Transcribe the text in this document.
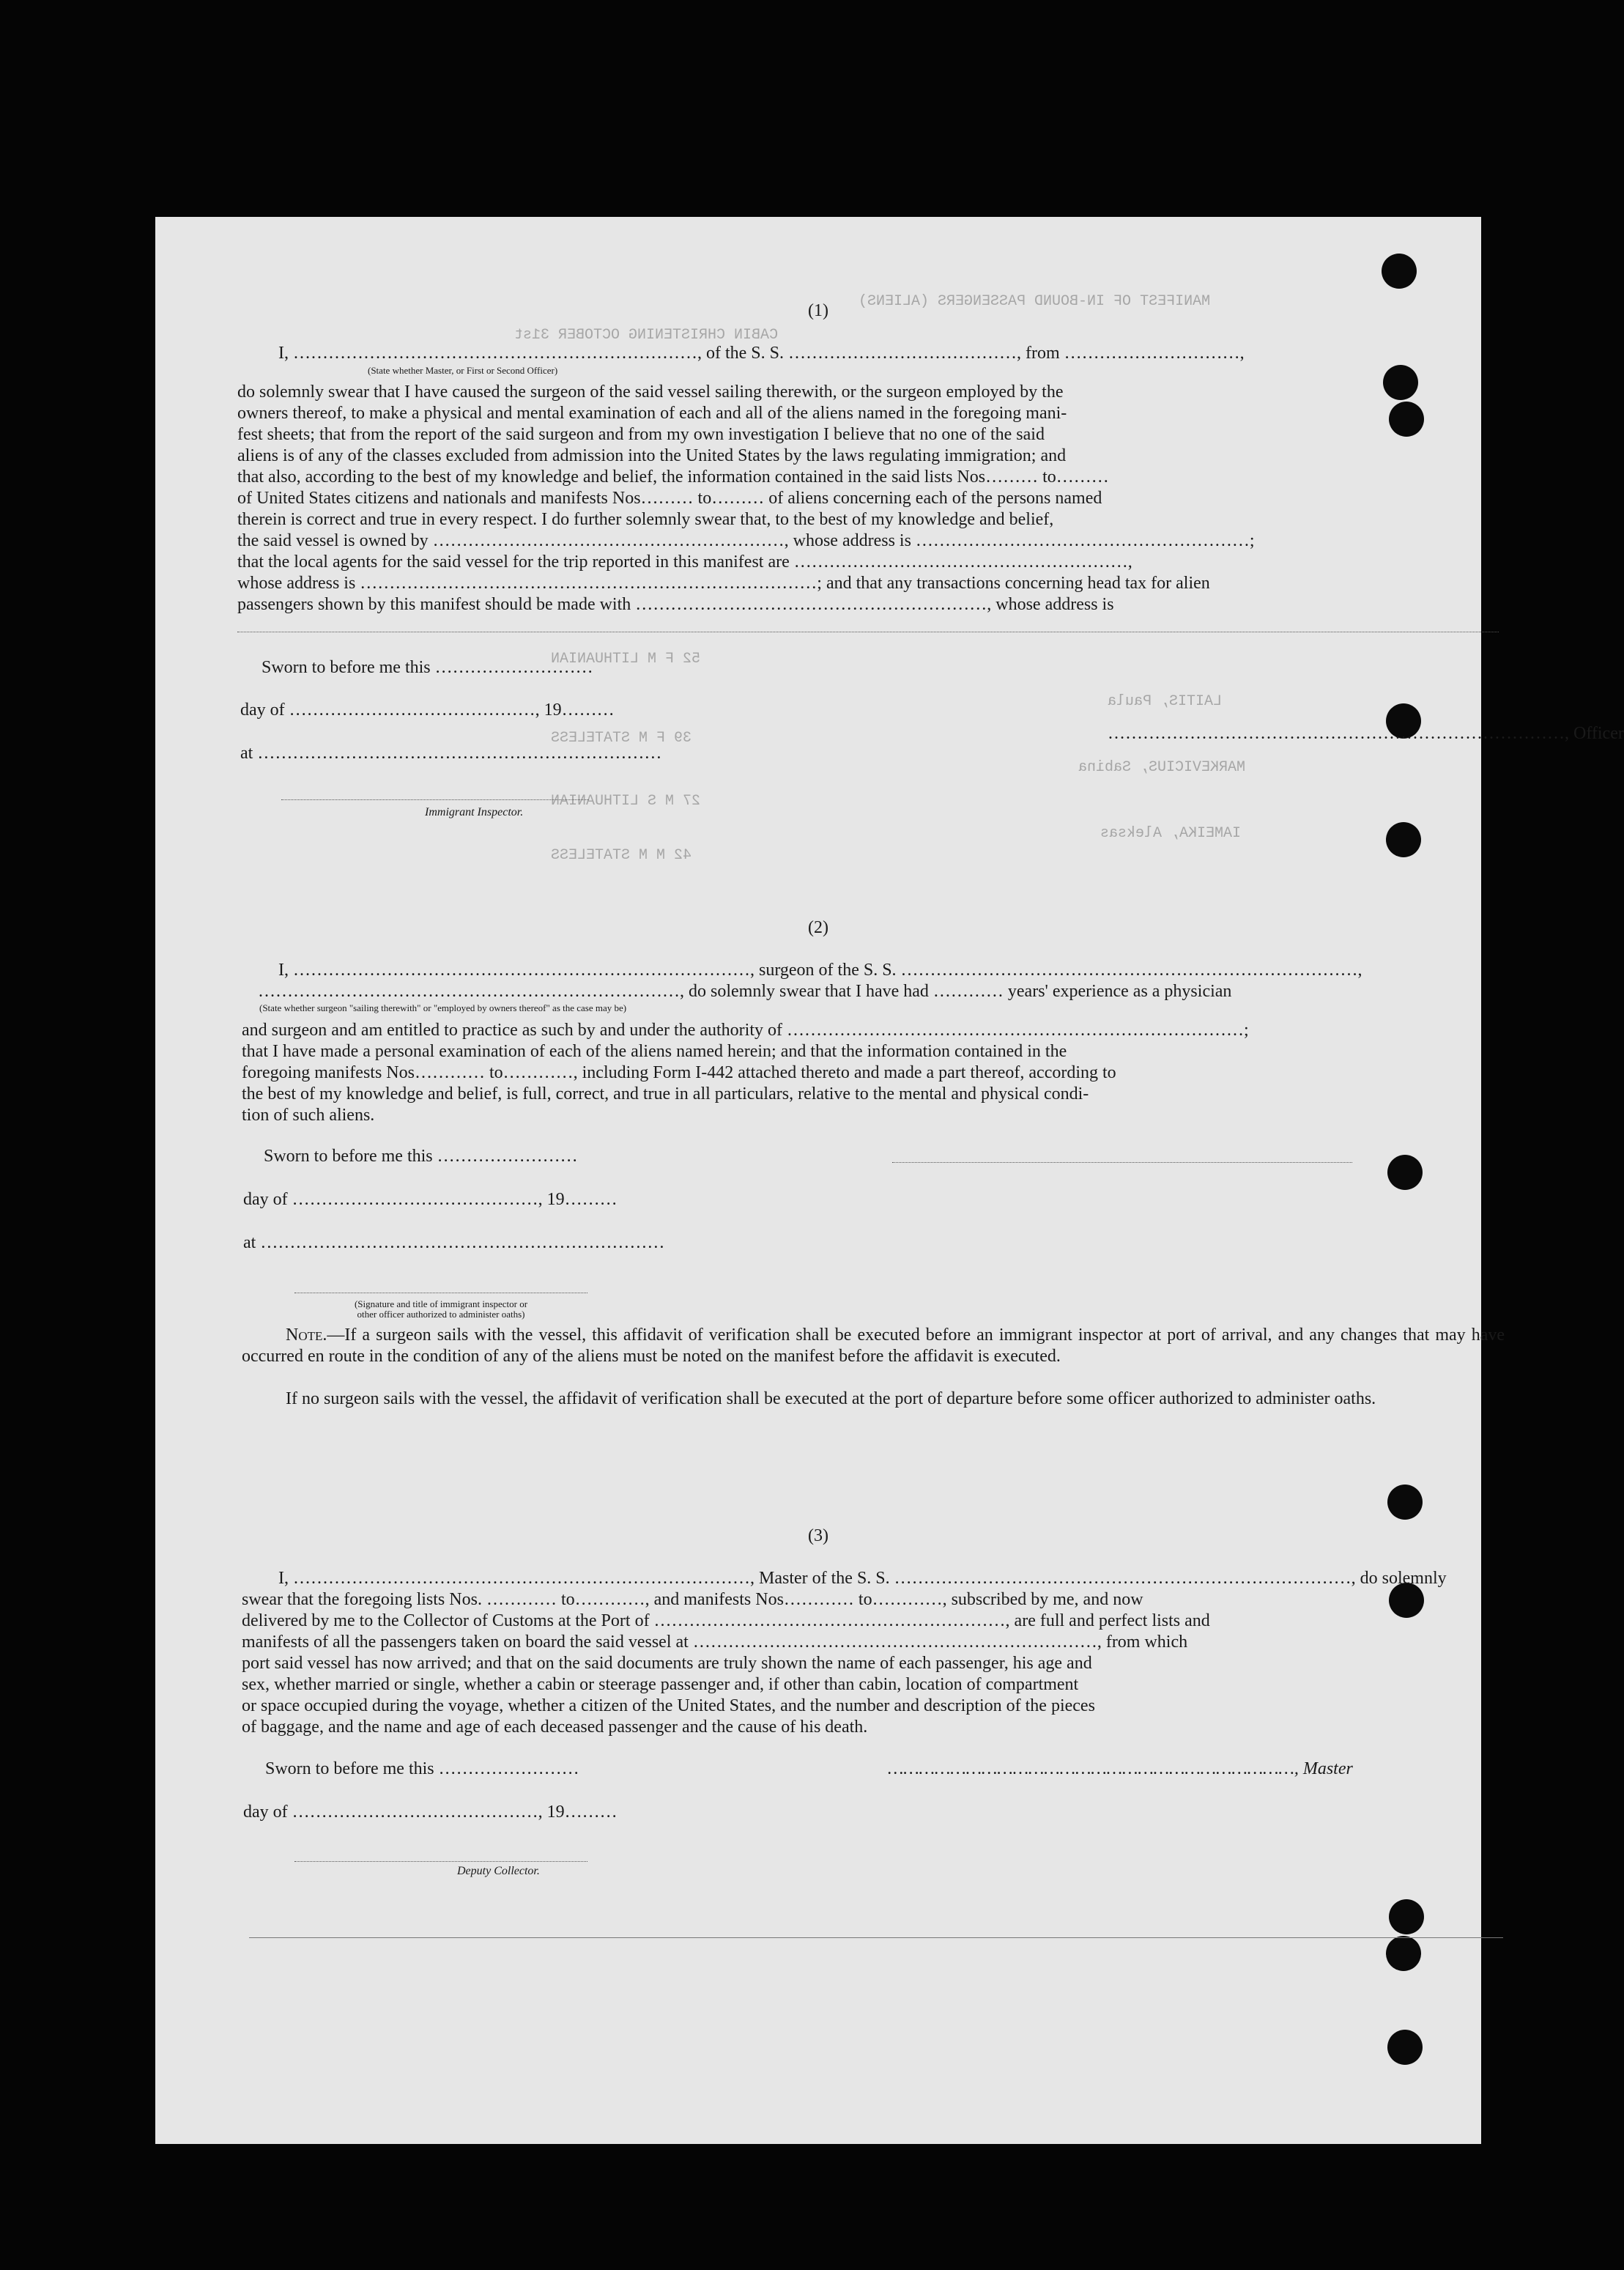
MANIFEST OF IN-BOUND PASSENGERS (ALIENS)
CABIN CHRISTENING OCTOBER 31st
52 F M LITHUANIAN
39 F M STATELESS
27 M S LITHUANIAN
42 M M STATELESS
LAITIS, Paula
MARKEVICIUS, Sabina
IAMEIKA, Aleksas
(1)
I, ……………………………………………………………, of the S. S. …………………………………, from …………………………,
(State whether Master, or First or Second Officer)
do solemnly swear that I have caused the surgeon of the said vessel sailing therewith, or the surgeon employed by the
owners thereof, to make a physical and mental examination of each and all of the aliens named in the foregoing mani-
fest sheets; that from the report of the said surgeon and from my own investigation I believe that no one of the said
aliens is of any of the classes excluded from admission into the United States by the laws regulating immigration; and
that also, according to the best of my knowledge and belief, the information contained in the said lists Nos……… to………
of United States citizens and nationals and manifests Nos……… to……… of aliens concerning each of the persons named
therein is correct and true in every respect. I do further solemnly swear that, to the best of my knowledge and belief,
the said vessel is owned by ……………………………………………………, whose address is …………………………………………………;
that the local agents for the said vessel for the trip reported in this manifest are …………………………………………………,
whose address is ……………………………………………………………………; and that any transactions concerning head tax for alien
passengers shown by this manifest should be made with ……………………………………………………, whose address is
Sworn to before me this ………………………
day of ……………………………………, 19………
……………………………………………………………………, Officer
at ……………………………………………………………
Immigrant Inspector.
(2)
I, ……………………………………………………………………, surgeon of the S. S. ……………………………………………………………………,
………………………………………………………………, do solemnly swear that I have had ………… years' experience as a physician
(State whether surgeon "sailing therewith" or "employed by owners thereof" as the case may be)
and surgeon and am entitled to practice as such by and under the authority of ……………………………………………………………………;
that I have made a personal examination of each of the aliens named herein; and that the information contained in the
foregoing manifests Nos………… to…………, including Form I-442 attached thereto and made a part thereof, according to
the best of my knowledge and belief, is full, correct, and true in all particulars, relative to the mental and physical condi-
tion of such aliens.
Sworn to before me this ……………………
day of ……………………………………, 19………
at ……………………………………………………………
(Signature and title of immigrant inspector or
other officer authorized to administer oaths)
Note.—If a surgeon sails with the vessel, this affidavit of verification shall be executed before an immigrant inspector at port of arrival, and any changes that may have occurred en route in the condition of any of the aliens must be noted on the manifest before the affidavit is executed.
If no surgeon sails with the vessel, the affidavit of verification shall be executed at the port of departure before some officer authorized to administer oaths.
(3)
I, ……………………………………………………………………, Master of the S. S. ……………………………………………………………………, do solemnly
swear that the foregoing lists Nos. ………… to…………, and manifests Nos………… to…………, subscribed by me, and now
delivered by me to the Collector of Customs at the Port of ……………………………………………………, are full and perfect lists and
manifests of all the passengers taken on board the said vessel at ……………………………………………………………, from which
port said vessel has now arrived; and that on the said documents are truly shown the name of each passenger, his age and
sex, whether married or single, whether a cabin or steerage passenger and, if other than cabin, location of compartment
or space occupied during the voyage, whether a citizen of the United States, and the number and description of the pieces
of baggage, and the name and age of each deceased passenger and the cause of his death.
Sworn to before me this ……………………	……………………………………………………………………, Master
day of ……………………………………, 19………
Deputy Collector.
